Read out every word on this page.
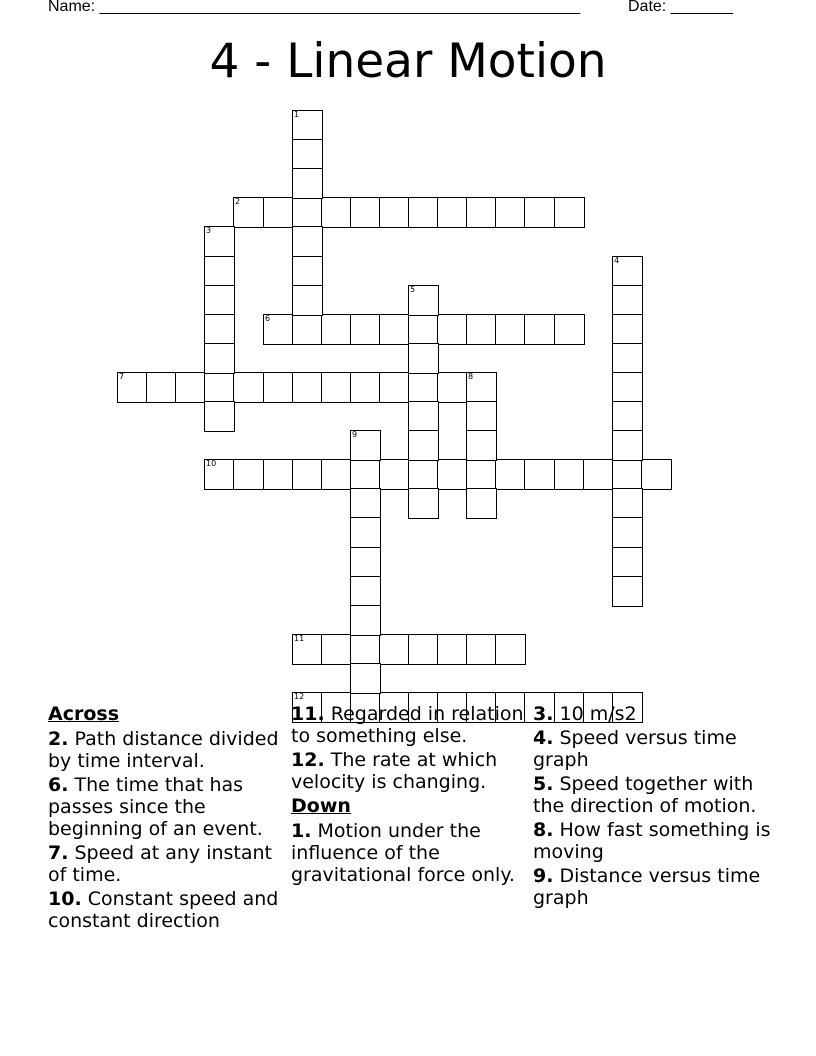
Name: ______________________________________________________	Date: _______
4 - Linear Motion
2
6
7	8
10
11
12
1
3
4
5
9
Across
2. Path distance divided by time interval.
6. The time that has passes since the beginning of an event.
7. Speed at any instant of time.
10. Constant speed and constant direction
11. Regarded in relation to something else.
12. The rate at which velocity is changing.
Down
1. Motion under the influence of the gravitational force only.
3. 10 m/s2
4. Speed versus time graph
5. Speed together with the direction of motion.
8. How fast something is moving
9. Distance versus time graph
